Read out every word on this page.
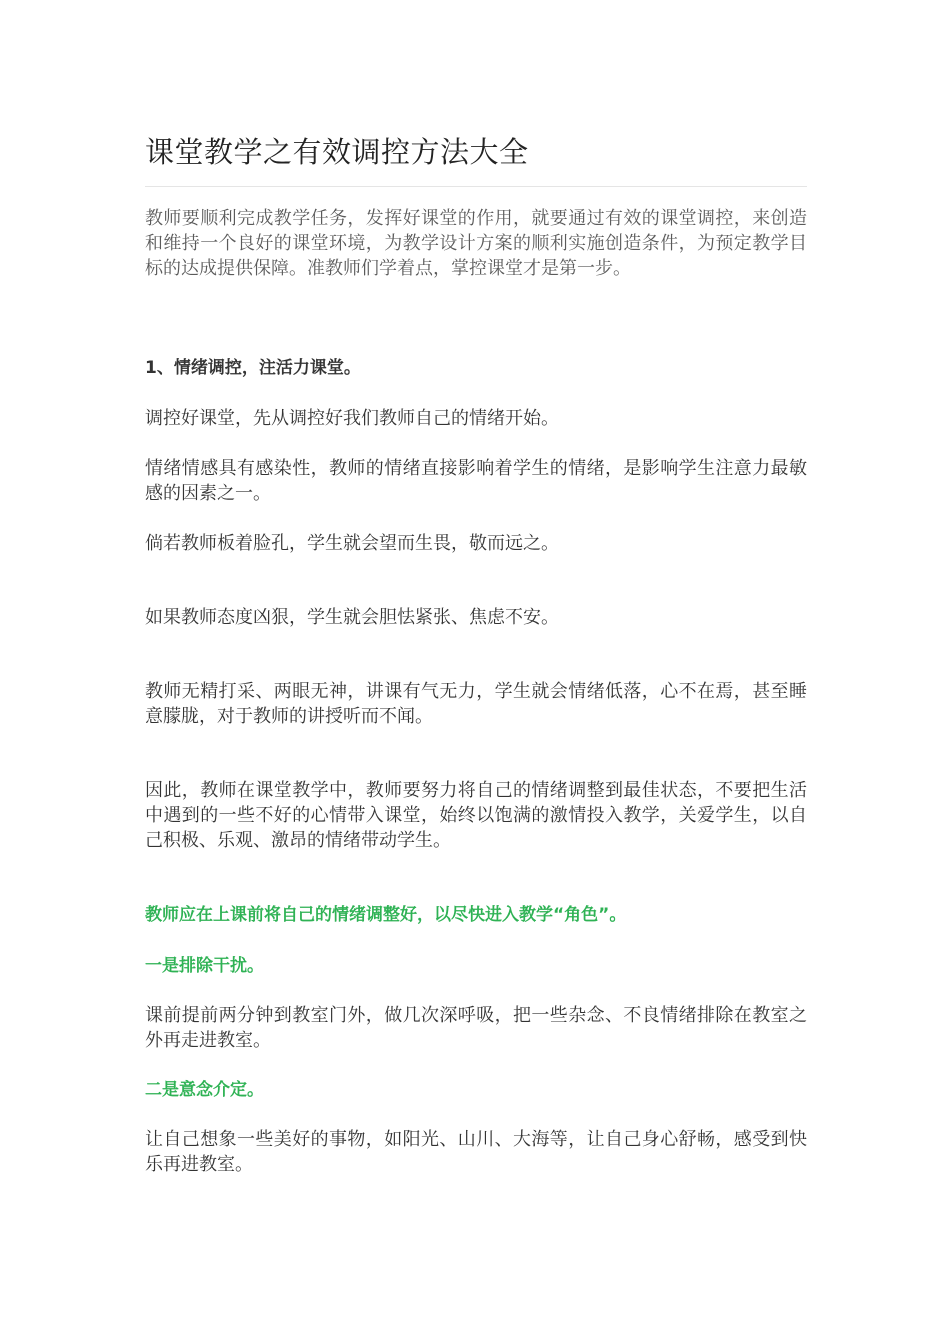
课堂教学之有效调控方法大全

教师要顺利完成教学任务，发挥好课堂的作用，就要通过有效的课堂调控，来创造和维持一个良好的课堂环境，为教学设计方案的顺利实施创造条件，为预定教学目标的达成提供保障。准教师们学着点，掌控课堂才是第一步。

1、情绪调控，注活力课堂。

调控好课堂，先从调控好我们教师自己的情绪开始。

情绪情感具有感染性，教师的情绪直接影响着学生的情绪，是影响学生注意力最敏感的因素之一。

倘若教师板着脸孔，学生就会望而生畏，敬而远之。

如果教师态度凶狠，学生就会胆怯紧张、焦虑不安。

教师无精打采、两眼无神，讲课有气无力，学生就会情绪低落，心不在焉，甚至睡意朦胧，对于教师的讲授听而不闻。

因此，教师在课堂教学中，教师要努力将自己的情绪调整到最佳状态，不要把生活中遇到的一些不好的心情带入课堂，始终以饱满的激情投入教学，关爱学生，以自己积极、乐观、激昂的情绪带动学生。

教师应在上课前将自己的情绪调整好，以尽快进入教学“角色”。

一是排除干扰。

课前提前两分钟到教室门外，做几次深呼吸，把一些杂念、不良情绪排除在教室之外再走进教室。

二是意念介定。

让自己想象一些美好的事物，如阳光、山川、大海等，让自己身心舒畅，感受到快乐再进教室。
